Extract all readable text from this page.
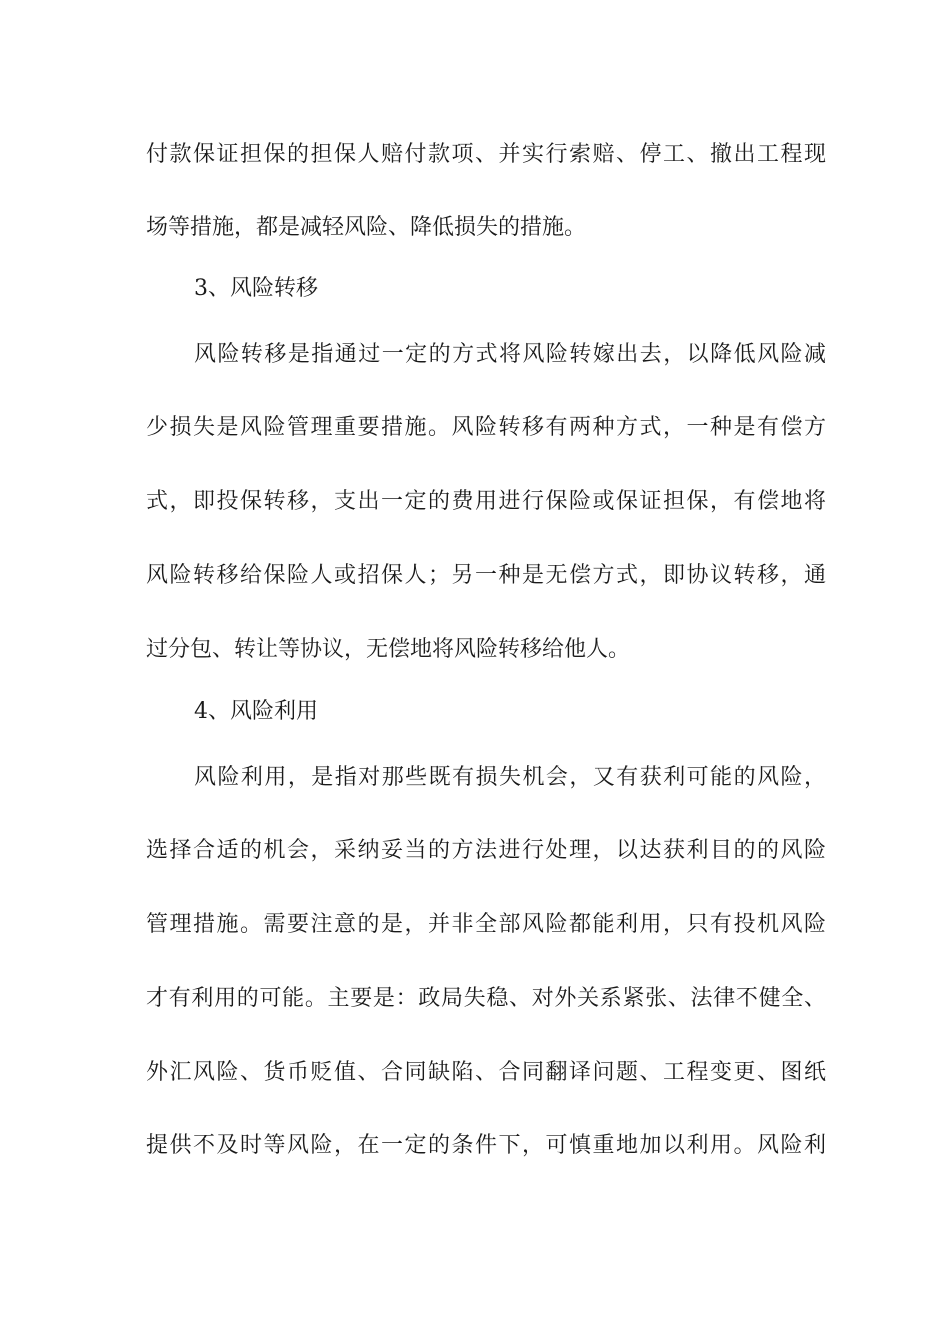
付款保证担保的担保人赔付款项、并实行索赔、停工、撤出工程现
场等措施，都是减轻风险、降低损失的措施。
3、风险转移
风险转移是指通过一定的方式将风险转嫁出去，以降低风险减
少损失是风险管理重要措施。风险转移有两种方式，一种是有偿方
式，即投保转移，支出一定的费用进行保险或保证担保，有偿地将
风险转移给保险人或招保人；另一种是无偿方式，即协议转移，通
过分包、转让等协议，无偿地将风险转移给他人。
4、风险利用
风险利用，是指对那些既有损失机会，又有获利可能的风险，
选择合适的机会，采纳妥当的方法进行处理，以达获利目的的风险
管理措施。需要注意的是，并非全部风险都能利用，只有投机风险
才有利用的可能。主要是：政局失稳、对外关系紧张、法律不健全、
外汇风险、货币贬值、合同缺陷、合同翻译问题、工程变更、图纸
提供不及时等风险，在一定的条件下，可慎重地加以利用。风险利
